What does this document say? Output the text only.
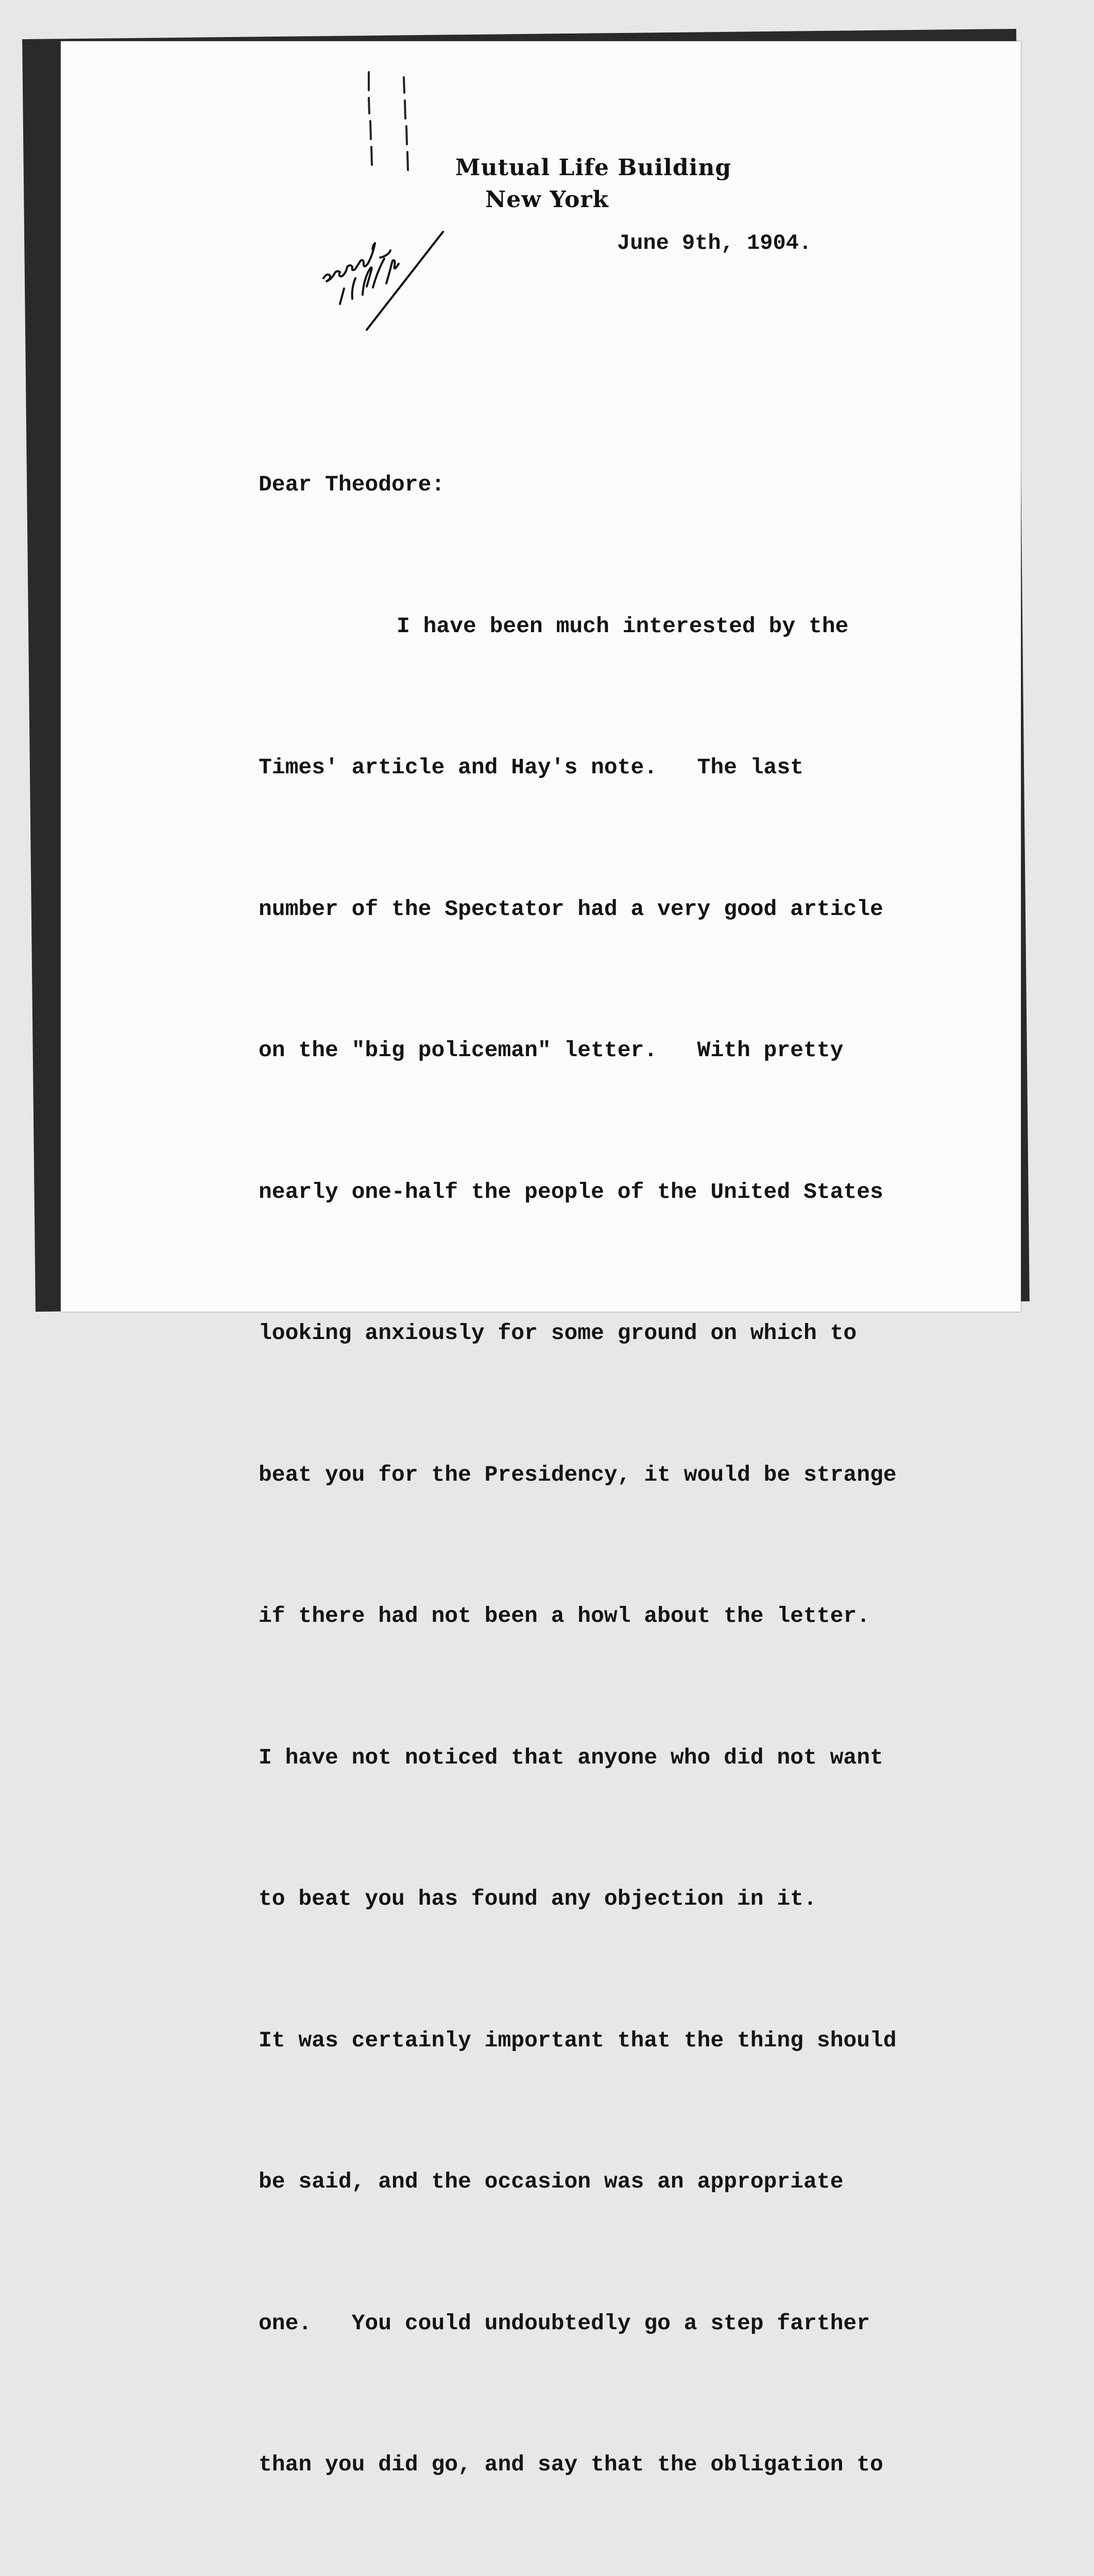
Mutual Life Building
New York
June 9th, 1904.

Dear Theodore:

I have been much interested by the

Times' article and Hay's note.   The last

number of the Spectator had a very good article

on the "big policeman" letter.   With pretty

nearly one-half the people of the United States

looking anxiously for some ground on which to

beat you for the Presidency, it would be strange

if there had not been a howl about the letter.

I have not noticed that anyone who did not want

to beat you has found any objection in it.

It was certainly important that the thing should

be said, and the occasion was an appropriate

one.   You could undoubtedly go a step farther

than you did go, and say that the obligation to
